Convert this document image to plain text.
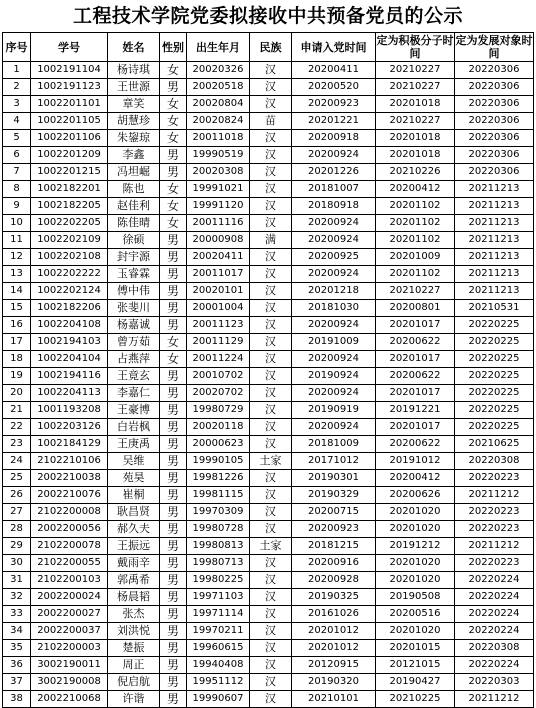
工程技术学院党委拟接收中共预备党员的公示
序号	学号	姓名	性别	出生年月	民族	申请入党时间	定为积极分子时间	定为发展对象时间
1	1002191104	杨诗琪	女	20020326	汉	20200411	20210227	20220306
2	1002191123	王世源	男	20020518	汉	20200520	20210227	20220306
3	1002201101	章笑	女	20020804	汉	20200923	20201018	20220306
4	1002201105	胡慧珍	女	20020824	苗	20201221	20210227	20220306
5	1002201106	朱鋆琼	女	20011018	汉	20200918	20201018	20220306
6	1002201209	李鑫	男	19990519	汉	20200924	20201018	20220306
7	1002201215	冯坦崛	男	20020308	汉	20201226	20210226	20220306
8	1002182201	陈也	女	19991021	汉	20181007	20200412	20211213
9	1002182205	赵佳利	女	19991120	汉	20180918	20201102	20211213
10	1002202205	陈佳晴	女	20011116	汉	20200924	20201102	20211213
11	1002202109	徐硕	男	20000908	满	20200924	20201102	20211213
12	1002202108	封宇源	男	20020411	汉	20200925	20201009	20211213
13	1002202222	玉睿霖	男	20011017	汉	20200924	20201102	20211213
14	1002202124	傅中伟	男	20020101	汉	20201218	20210227	20211213
15	1002182206	张斐川	男	20001004	汉	20181030	20200801	20210531
16	1002204108	杨嘉诚	男	20011123	汉	20200924	20201017	20220225
17	1002194103	曾万茹	女	20011129	汉	20191009	20200622	20220225
18	1002204104	占燕萍	女	20011224	汉	20200924	20201017	20220225
19	1002194116	王竟玄	男	20010702	汉	20190924	20200622	20220225
20	1002204113	李嘉仁	男	20020702	汉	20200924	20201017	20220225
21	1001193208	王豪博	男	19980729	汉	20190919	20191221	20220225
22	1002203126	白岩枫	男	20020118	汉	20200924	20201017	20220225
23	1002184129	王庚禹	男	20000623	汉	20181009	20200622	20210625
24	2102210106	吴维	男	19990105	土家	20171012	20191012	20220308
25	2002210038	苑昊	男	19981226	汉	20190301	20200412	20220223
26	2002210076	崔桐	男	19981115	汉	20190329	20200626	20211212
27	2102200008	耿昌贤	男	19970309	汉	20200715	20201020	20220223
28	2002200056	郝久夫	男	19980728	汉	20200923	20201020	20220223
29	2102200078	王振远	男	19980813	土家	20181215	20191212	20211212
30	2102200055	戴雨辛	男	19980713	汉	20200916	20201020	20220223
31	2102200103	郭禹希	男	19980225	汉	20200928	20201020	20220224
32	2002200024	杨晨韬	男	19971103	汉	20190325	20190508	20220224
33	2002200027	张杰	男	19971114	汉	20161026	20200516	20220224
34	2002200037	刘洪悦	男	19970211	汉	20201012	20201020	20220224
35	2102200003	楚振	男	19960615	汉	20201012	20201015	20220308
36	3002190011	周正	男	19940408	汉	20120915	20121015	20220224
37	3002190008	倪启航	男	19951112	汉	20190320	20190427	20220303
38	2002210068	许谐	男	19990607	汉	20210101	20210225	20211212
